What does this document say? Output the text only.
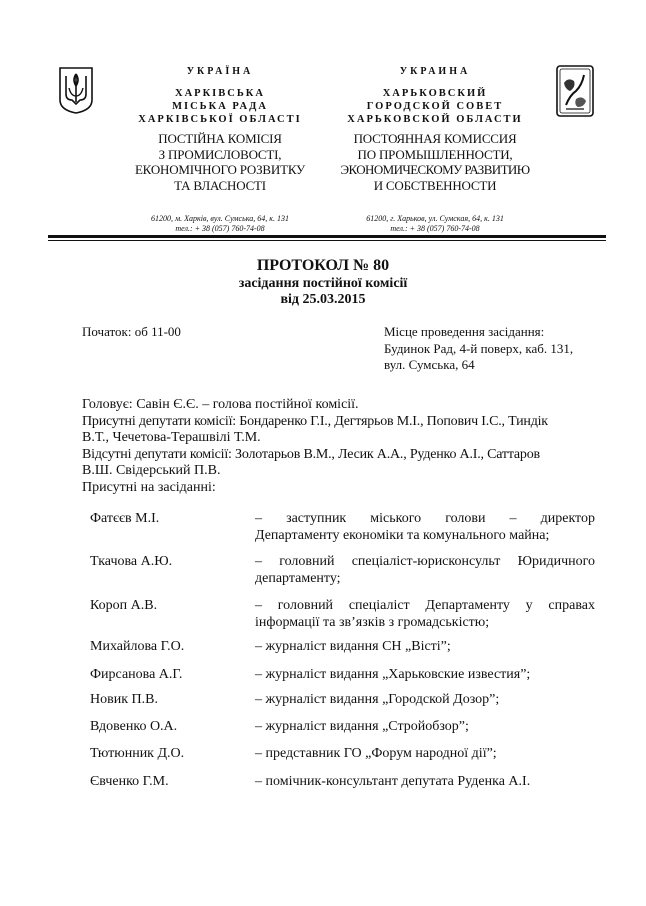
УКРАЇНА
ХАРКІВСЬКА
МІСЬКА РАДА
ХАРКІВСЬКОЇ ОБЛАСТІ
ПОСТІЙНА КОМІСІЯ
З ПРОМИСЛОВОСТІ,
ЕКОНОМІЧНОГО РОЗВИТКУ
ТА ВЛАСНОСТІ
61200, м. Харків, вул. Сумська, 64, к. 131
тел.: + 38 (057) 760-74-08
УКРАИНА
ХАРЬКОВСКИЙ
ГОРОДСКОЙ СОВЕТ
ХАРЬКОВСКОЙ ОБЛАСТИ
ПОСТОЯННАЯ КОМИССИЯ
ПО ПРОМЫШЛЕННОСТИ,
ЭКОНОМИЧЕСКОМУ РАЗВИТИЮ
И СОБСТВЕННОСТИ
61200, г. Харьков, ул. Сумская, 64, к. 131
тел.: + 38 (057) 760-74-08
ПРОТОКОЛ № 80
засідання постійної комісії
від 25.03.2015
Початок: об 11-00	Місце проведення засідання:
Будинок Рад, 4-й поверх, каб. 131,
вул. Сумська, 64
Головує: Савін Є.Є. – голова постійної комісії.
Присутні депутати комісії: Бондаренко Г.І., Дегтярьов М.І., Попович І.С., Тиндік
В.Т., Чечетова-Терашвілі Т.М.
Відсутні депутати комісії: Золотарьов В.М., Лесик А.А., Руденко А.І., Саттаров
В.Ш. Свідерський П.В.
Присутні на засіданні:
Фатєєв М.І.	– заступник міського голови – директор
Департаменту економіки та комунального майна;
Ткачова А.Ю.	– головний спеціаліст-юрисконсульт Юридичного
департаменту;
Короп А.В.	– головний спеціаліст Департаменту у справах
інформації та зв’язків з громадськістю;
Михайлова Г.О.	– журналіст видання СН „Вісті”;
Фирсанова А.Г.	– журналіст видання „Харьковские известия”;
Новик П.В.	– журналіст видання „Городской Дозор”;
Вдовенко О.А.	– журналіст видання „Стройобзор”;
Тютюнник Д.О.	– представник ГО „Форум народної дії”;
Євченко Г.М.	– помічник-консультант депутата Руденка А.І.
